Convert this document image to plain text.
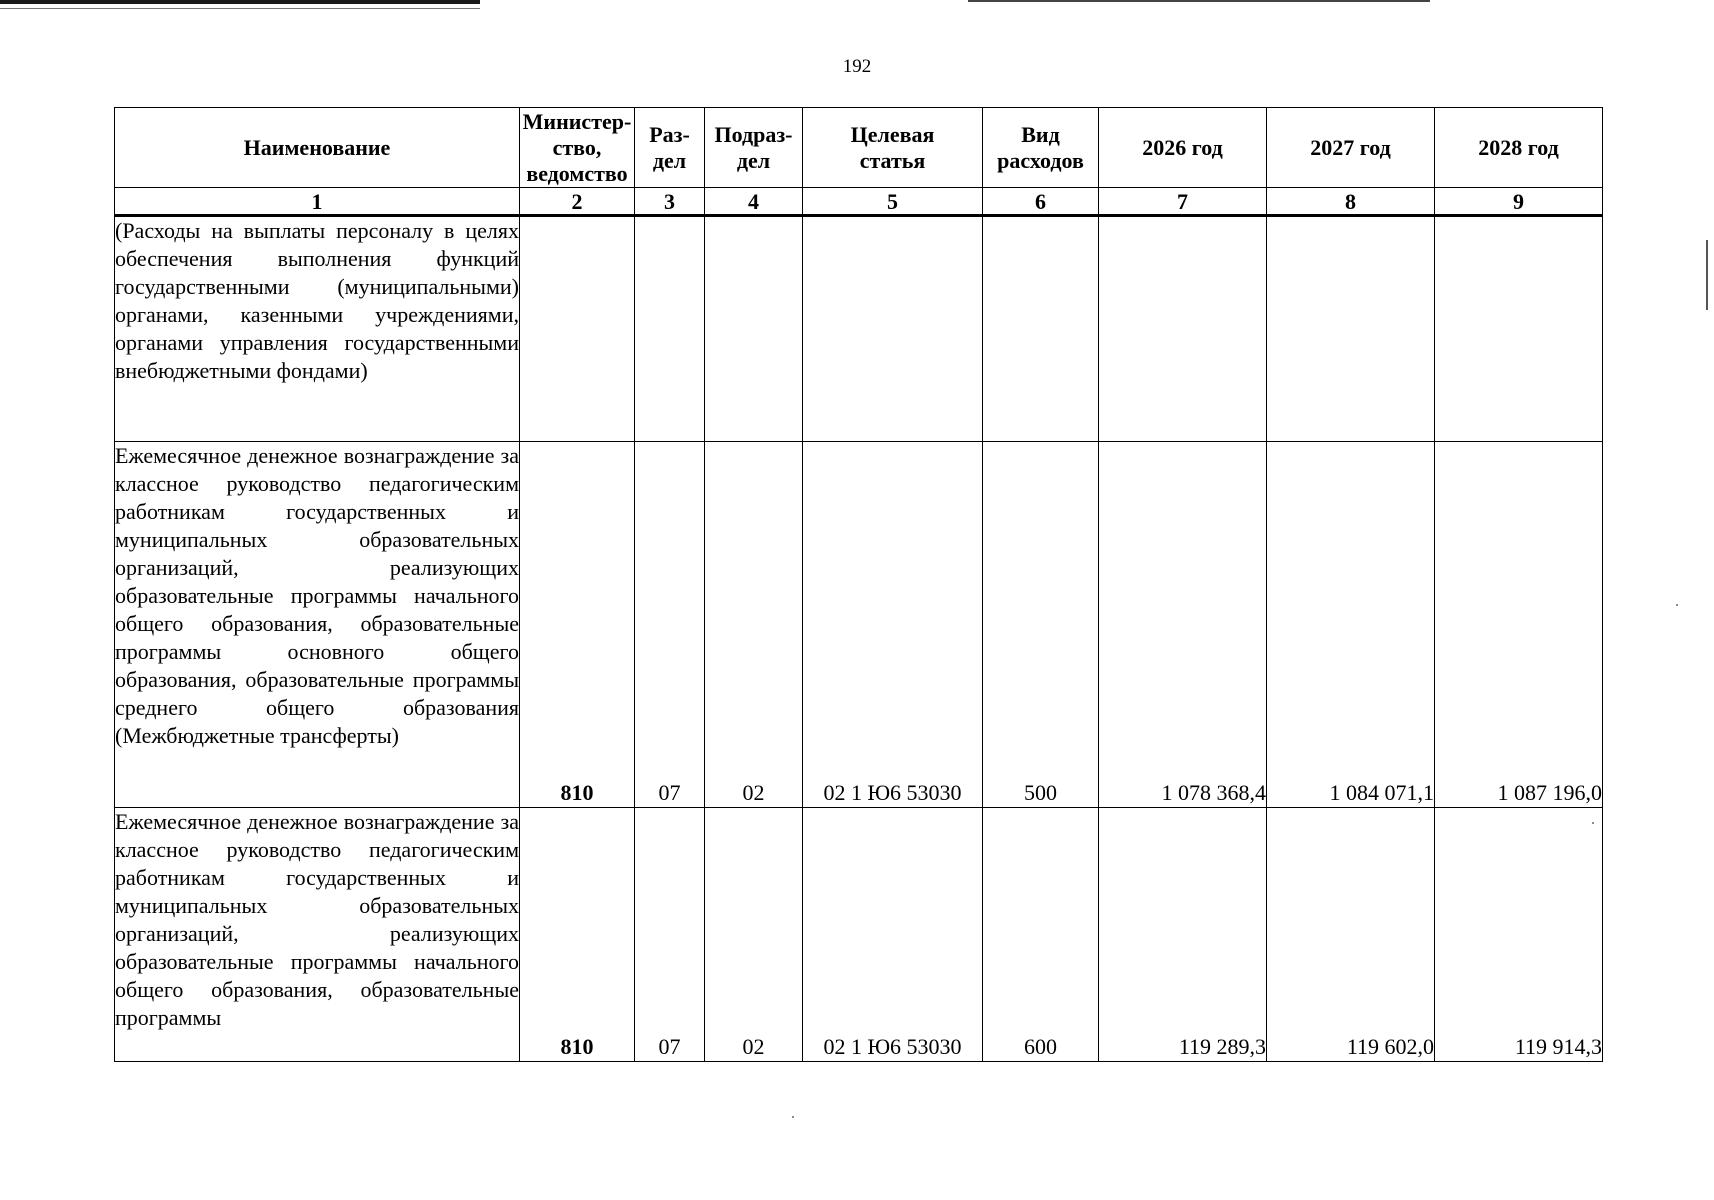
192
Наименование	Министер-ство, ведомство	Раз-дел	Подраз-дел	Целевая статья	Вид расходов	2026 год	2027 год	2028 год
1	2	3	4	5	6	7	8	9
(Расходы на выплаты персоналу в целях обеспечения выполнения функций государственными (муниципальными) органами, казенными учреждениями, органами управления государственными внебюджетными фондами)								
Ежемесячное денежное вознаграждение за классное руководство педагогическим работникам государственных и муниципальных образовательных организаций, реализующих образовательные программы начального общего образования, образовательные программы основного общего образования, образовательные программы среднего общего образования (Межбюджетные трансферты)	810	07	02	02 1 Ю6 53030	500	1 078 368,4	1 084 071,1	1 087 196,0

Ежемесячное денежное вознаграждение за классное руководство педагогическим работникам государственных и муниципальных образовательных организаций, реализующих образовательные программы начального общего образования, образовательные программы	810	07	02	02 1 Ю6 53030	600	119 289,3	119 602,0	119 914,3
